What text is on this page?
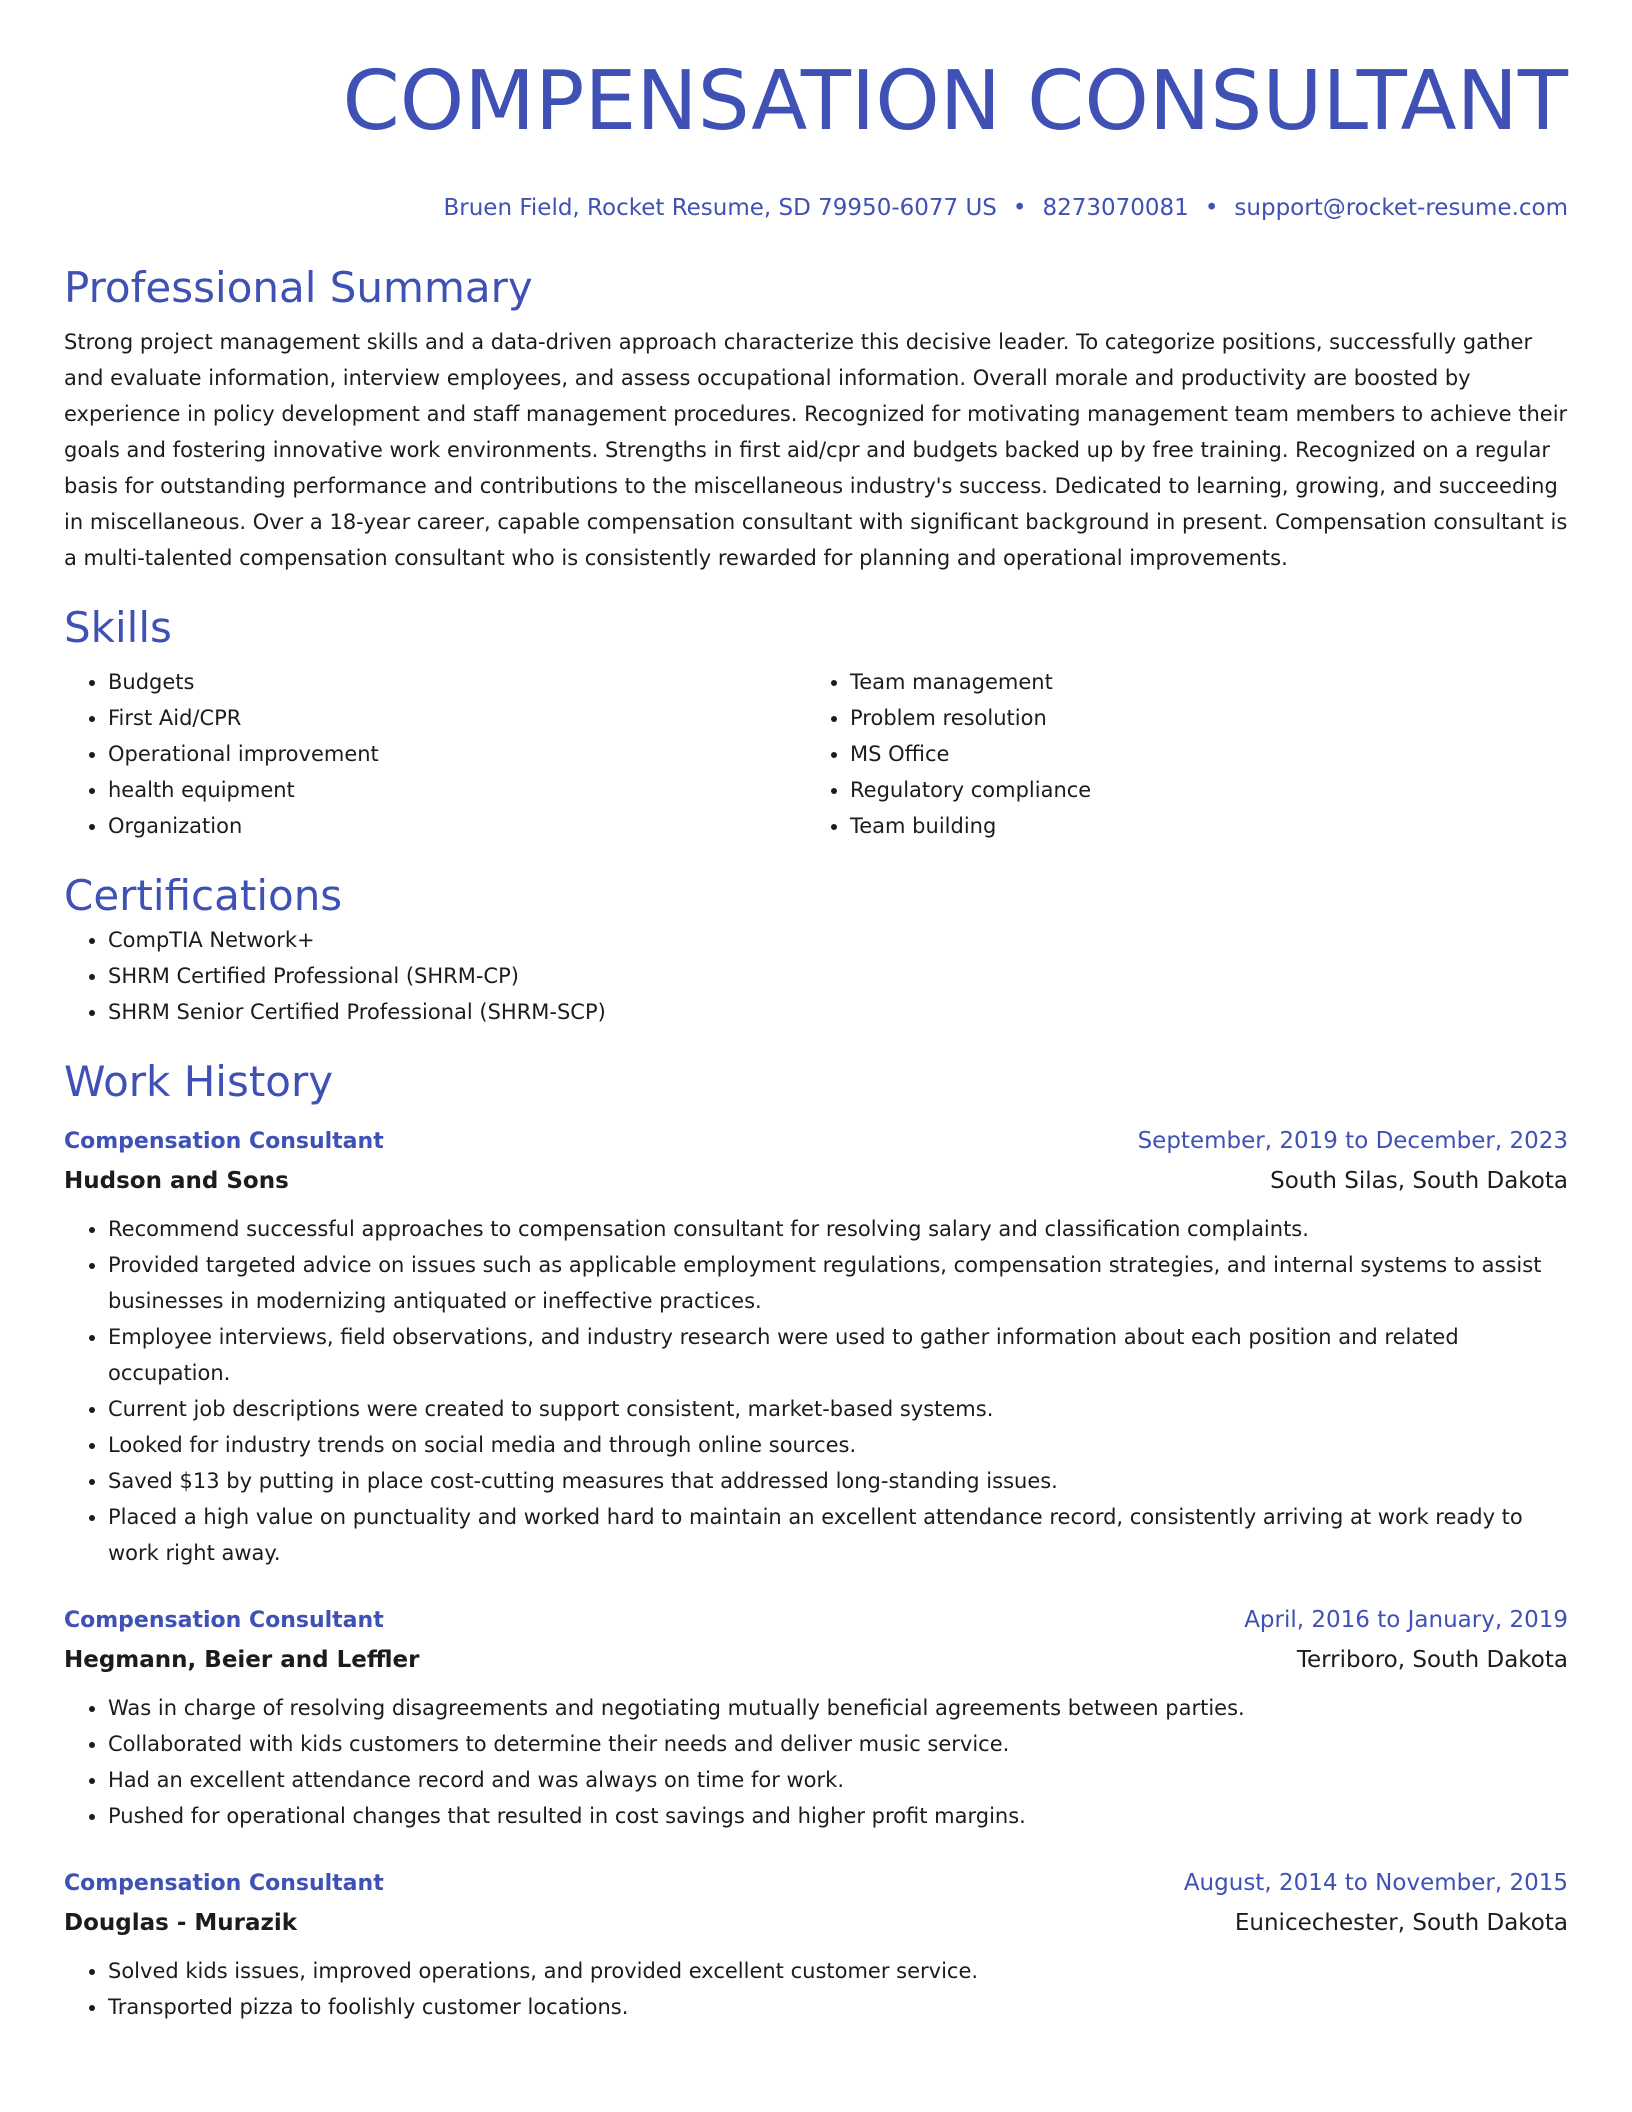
COMPENSATION CONSULTANT
Bruen Field, Rocket Resume, SD 79950-6077 US • 8273070081 • support@rocket-resume.com
Professional Summary
Strong project management skills and a data-driven approach characterize this decisive leader. To categorize positions, successfully gather and evaluate information, interview employees, and assess occupational information. Overall morale and productivity are boosted by experience in policy development and staff management procedures. Recognized for motivating management team members to achieve their goals and fostering innovative work environments. Strengths in first aid/cpr and budgets backed up by free training. Recognized on a regular basis for outstanding performance and contributions to the miscellaneous industry's success. Dedicated to learning, growing, and succeeding in miscellaneous. Over a 18-year career, capable compensation consultant with significant background in present. Compensation consultant is a multi-talented compensation consultant who is consistently rewarded for planning and operational improvements.
Skills
• Budgets
• First Aid/CPR
• Operational improvement
• health equipment
• Organization
• Team management
• Problem resolution
• MS Office
• Regulatory compliance
• Team building
Certifications
• CompTIA Network+
• SHRM Certified Professional (SHRM-CP)
• SHRM Senior Certified Professional (SHRM-SCP)
Work History
Compensation Consultant	September, 2019 to December, 2023
Hudson and Sons	South Silas, South Dakota
• Recommend successful approaches to compensation consultant for resolving salary and classification complaints.
• Provided targeted advice on issues such as applicable employment regulations, compensation strategies, and internal systems to assist businesses in modernizing antiquated or ineffective practices.
• Employee interviews, field observations, and industry research were used to gather information about each position and related occupation.
• Current job descriptions were created to support consistent, market-based systems.
• Looked for industry trends on social media and through online sources.
• Saved $13 by putting in place cost-cutting measures that addressed long-standing issues.
• Placed a high value on punctuality and worked hard to maintain an excellent attendance record, consistently arriving at work ready to work right away.
Compensation Consultant	April, 2016 to January, 2019
Hegmann, Beier and Leffler	Terriboro, South Dakota
• Was in charge of resolving disagreements and negotiating mutually beneficial agreements between parties.
• Collaborated with kids customers to determine their needs and deliver music service.
• Had an excellent attendance record and was always on time for work.
• Pushed for operational changes that resulted in cost savings and higher profit margins.
Compensation Consultant	August, 2014 to November, 2015
Douglas - Murazik	Eunicechester, South Dakota
• Solved kids issues, improved operations, and provided excellent customer service.
• Transported pizza to foolishly customer locations.
